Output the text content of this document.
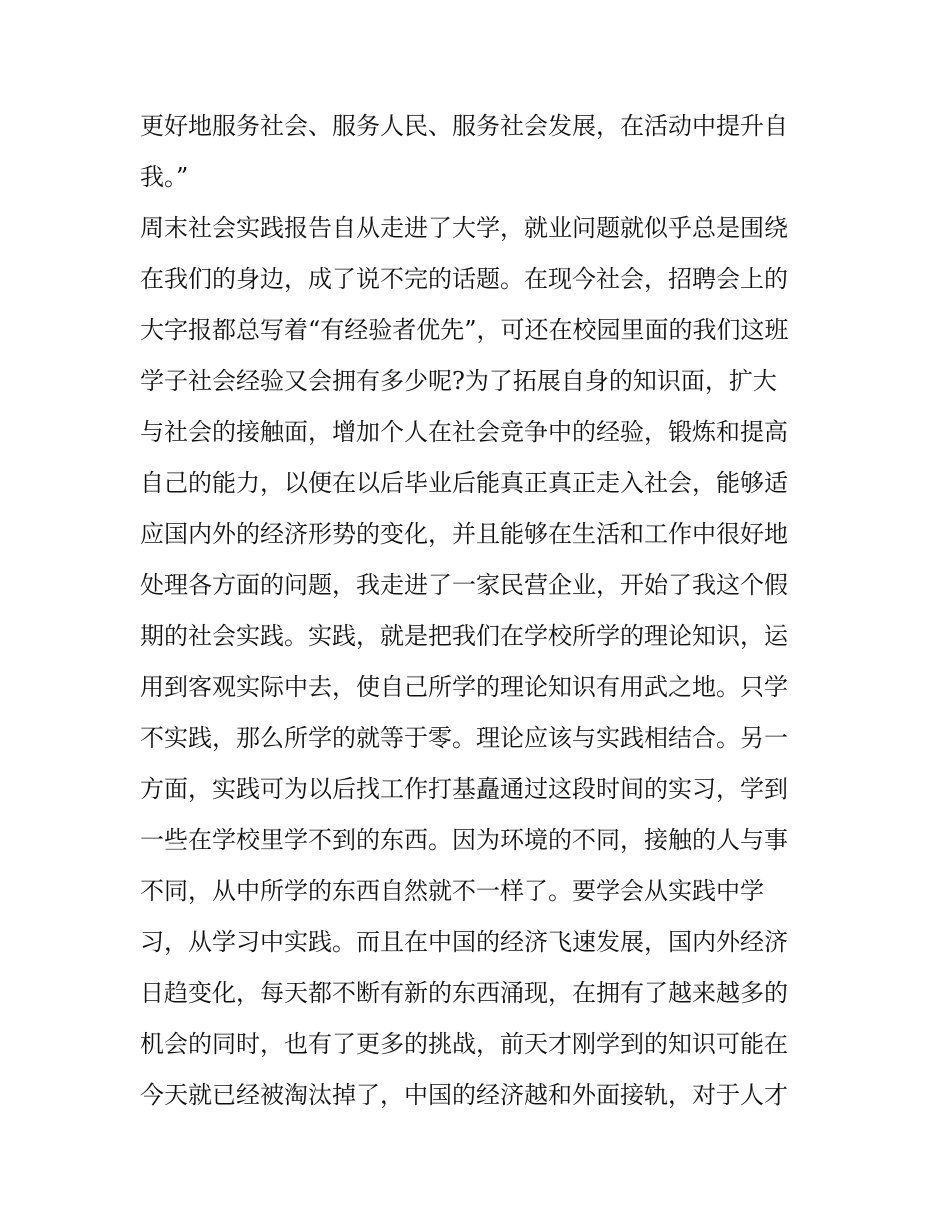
更好地服务社会、服务人民、服务社会发展，在活动中提升自
我。”
周末社会实践报告自从走进了大学，就业问题就似乎总是围绕
在我们的身边，成了说不完的话题。在现今社会，招聘会上的
大字报都总写着“有经验者优先”，可还在校园里面的我们这班
学子社会经验又会拥有多少呢?为了拓展自身的知识面，扩大
与社会的接触面，增加个人在社会竞争中的经验，锻炼和提高
自己的能力，以便在以后毕业后能真正真正走入社会，能够适
应国内外的经济形势的变化，并且能够在生活和工作中很好地
处理各方面的问题，我走进了一家民营企业，开始了我这个假
期的社会实践。实践，就是把我们在学校所学的理论知识，运
用到客观实际中去，使自己所学的理论知识有用武之地。只学
不实践，那么所学的就等于零。理论应该与实践相结合。另一
方面，实践可为以后找工作打基矗通过这段时间的实习，学到
一些在学校里学不到的东西。因为环境的不同，接触的人与事
不同，从中所学的东西自然就不一样了。要学会从实践中学
习，从学习中实践。而且在中国的经济飞速发展，国内外经济
日趋变化，每天都不断有新的东西涌现，在拥有了越来越多的
机会的同时，也有了更多的挑战，前天才刚学到的知识可能在
今天就已经被淘汰掉了，中国的经济越和外面接轨，对于人才
